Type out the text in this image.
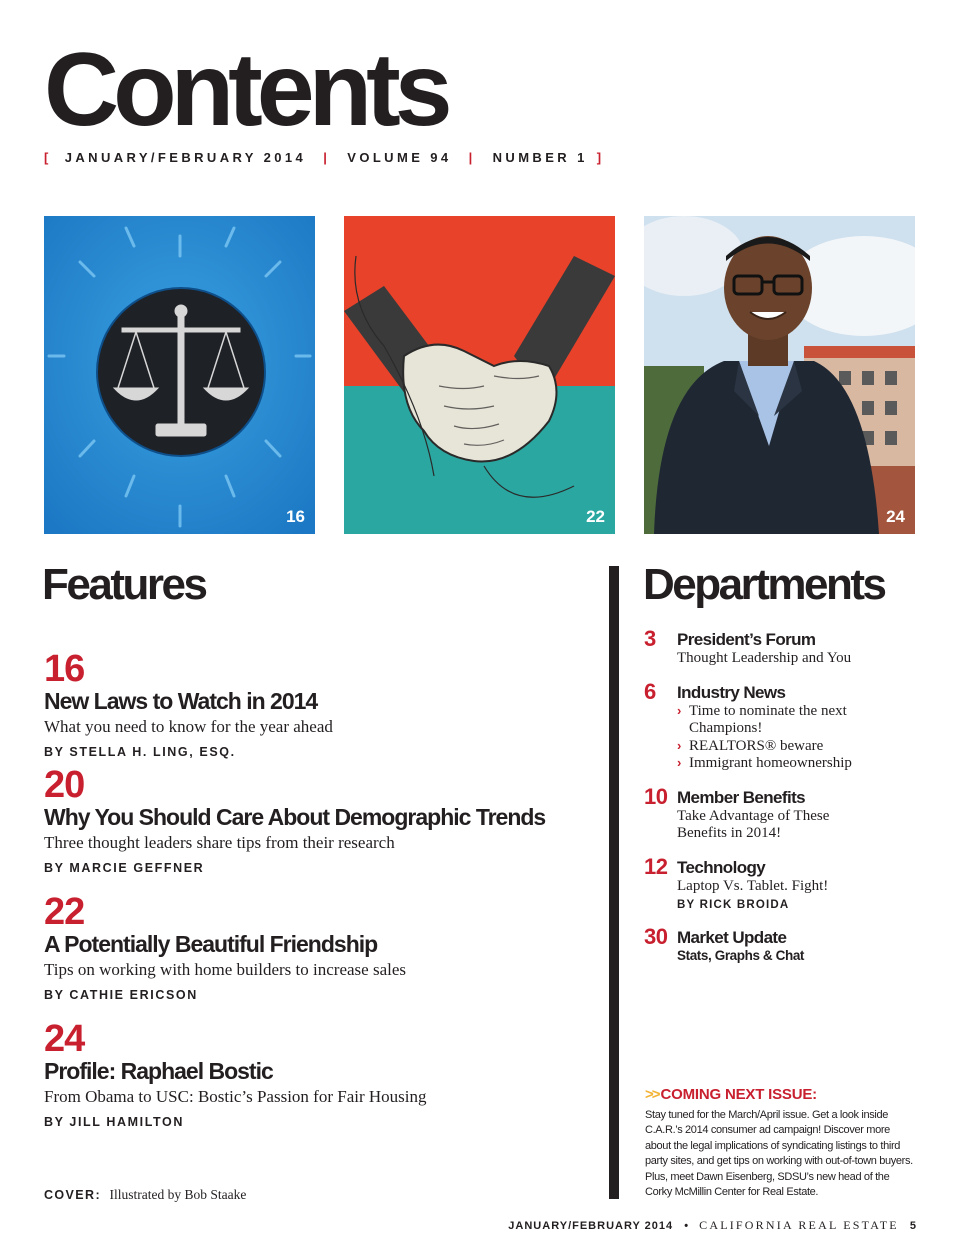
Contents
[ JANUARY/FEBRUARY 2014 | VOLUME 94 | NUMBER 1 ]
16	22	24
Features	Departments
16
New Laws to Watch in 2014
What you need to know for the year ahead
BY STELLA H. LING, ESQ.
20
Why You Should Care About Demographic Trends
Three thought leaders share tips from their research
BY MARCIE GEFFNER
22
A Potentially Beautiful Friendship
Tips on working with home builders to increase sales
BY CATHIE ERICSON
24
Profile: Raphael Bostic
From Obama to USC: Bostic’s Passion for Fair Housing
BY JILL HAMILTON
3 President’s Forum
Thought Leadership and You
6 Industry News
› Time to nominate the next Champions!
› REALTORS® beware
› Immigrant homeownership
10 Member Benefits
Take Advantage of These Benefits in 2014!
12 Technology
Laptop Vs. Tablet. Fight!
BY RICK BROIDA
30 Market Update
Stats, Graphs & Chat
>> COMING NEXT ISSUE:
Stay tuned for the March/April issue. Get a look inside C.A.R.’s 2014 consumer ad campaign! Discover more about the legal implications of syndicating listings to third party sites, and get tips on working with out-of-town buyers. Plus, meet Dawn Eisenberg, SDSU’s new head of the Corky McMillin Center for Real Estate.
COVER: Illustrated by Bob Staake
JANUARY/FEBRUARY 2014 • CALIFORNIA REAL ESTATE 5
